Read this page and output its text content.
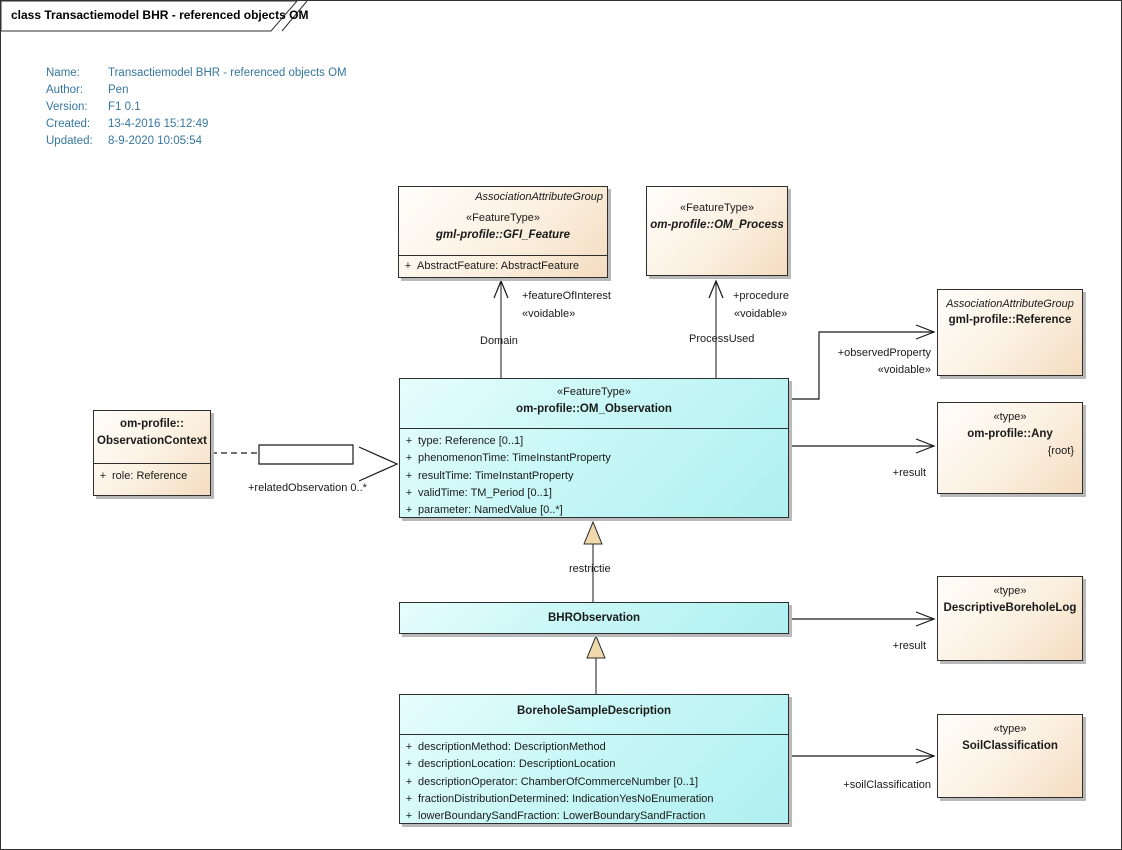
class Transactiemodel BHR - referenced objects OM
Name:	Transactiemodel BHR - referenced objects OM
Author:	Pen
Version:	F1 0.1
Created:	13-4-2016 15:12:49
Updated:	8-9-2020 10:05:54
AssociationAttributeGroup
«FeatureType»
gml-profile::GFI_Feature
+ AbstractFeature: AbstractFeature
«FeatureType»
om-profile::OM_Process
AssociationAttributeGroup
gml-profile::Reference
«FeatureType»
om-profile::OM_Observation
+ type: Reference [0..1]
+ phenomenonTime: TimeInstantProperty
+ resultTime: TimeInstantProperty
+ validTime: TM_Period [0..1]
+ parameter: NamedValue [0..*]
om-profile::
ObservationContext
+ role: Reference
«type»
om-profile::Any
{root}
BHRObservation
«type»
DescriptiveBoreholeLog
BoreholeSampleDescription
+ descriptionMethod: DescriptionMethod
+ descriptionLocation: DescriptionLocation
+ descriptionOperator: ChamberOfCommerceNumber [0..1]
+ fractionDistributionDetermined: IndicationYesNoEnumeration
+ lowerBoundarySandFraction: LowerBoundarySandFraction
«type»
SoilClassification
+featureOfInterest
«voidable»
Domain
+procedure
«voidable»
ProcessUsed
+observedProperty
«voidable»
+result
+relatedObservation 0..*
restrictie
+result
+soilClassification
